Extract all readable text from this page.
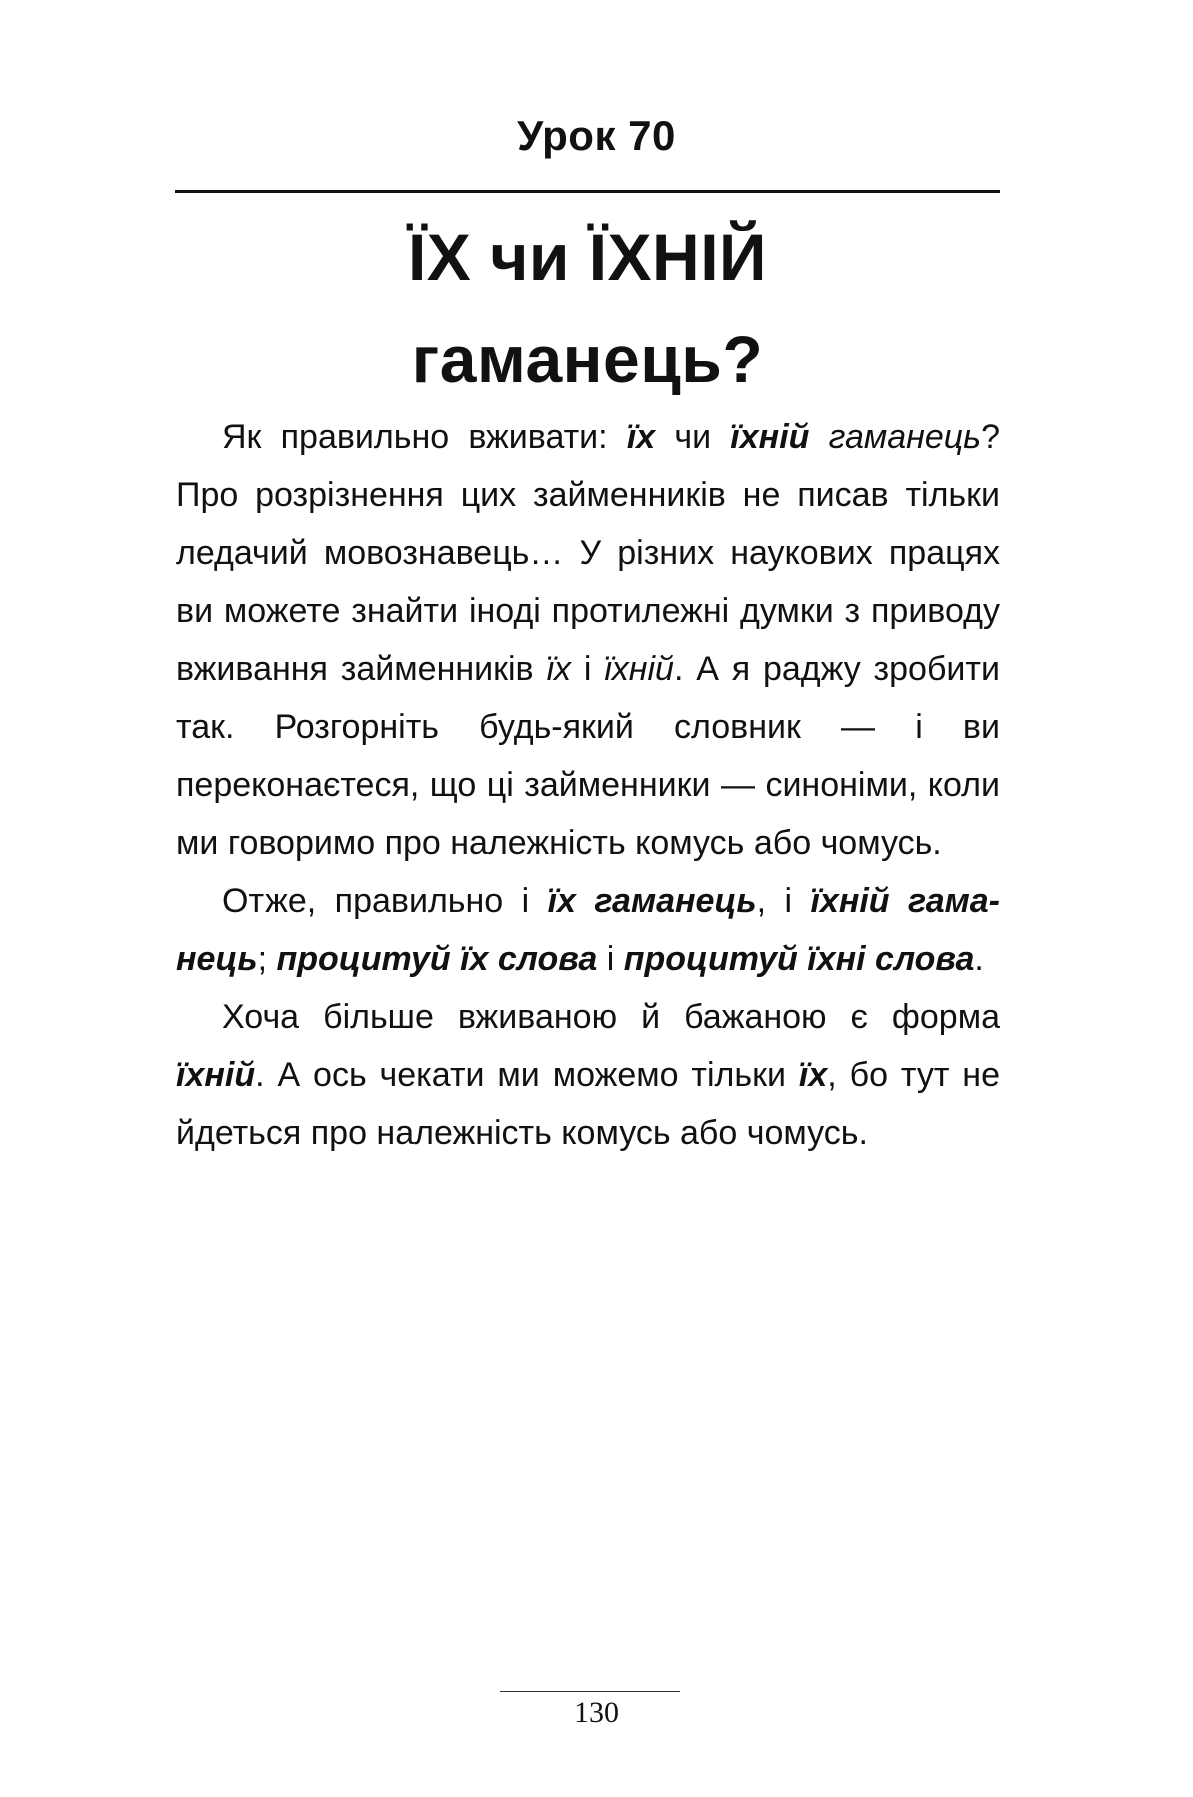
Урок 70
ЇХ чи ЇХНІЙ
гаманець?

Як правильно вживати: їх чи їхній гаманець? Про розрізнення цих займенників не писав тільки ледачий мовознавець… У різних наукових працях ви можете знайти іноді протилежні думки з приводу вживання займенників їх і їхній. А я раджу зробити так. Розгорніть будь-який словник — і ви переконаєтеся, що ці займенники — синоніми, коли ми говоримо про належність комусь або чомусь.

Отже, правильно і їх гаманець, і їхній гаманець; процитуй їх слова і процитуй їхні слова.

Хоча більше вживаною й бажаною є форма їхній. А ось чекати ми можемо тільки їх, бо тут не йдеться про належність комусь або чомусь.

130
